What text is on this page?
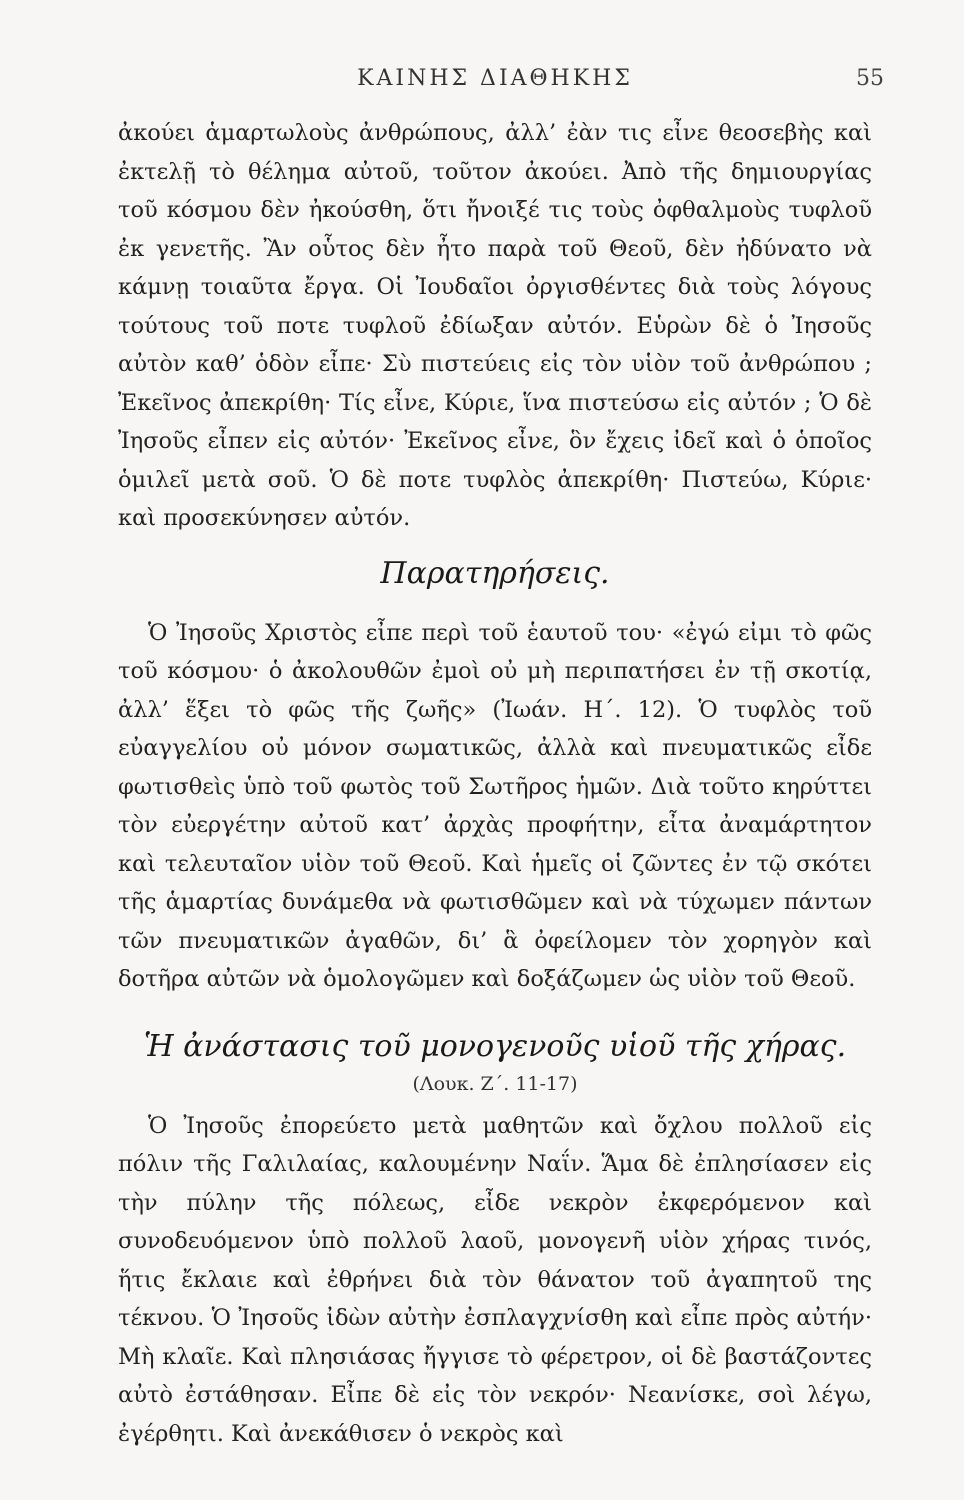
ΚΑΙΝΗΣ ΔΙΑΘΗΚΗΣ	55

ἀκούει ἁμαρτωλοὺς ἀνθρώπους, ἀλλ’ ἐὰν τις εἶνε θεοσεβὴς καὶ ἐκτελῇ τὸ θέλημα αὐτοῦ, τοῦτον ἀκούει. Ἀπὸ τῆς δημιουργίας τοῦ κόσμου δὲν ἠκούσθη, ὅτι ἤνοιξέ τις τοὺς ὀφθαλμοὺς τυφλοῦ ἐκ γενετῆς. Ἂν οὗτος δὲν ἦτο παρὰ τοῦ Θεοῦ, δὲν ἠδύνατο νὰ κάμνῃ τοιαῦτα ἔργα. Οἱ Ἰουδαῖοι ὀργισθέντες διὰ τοὺς λόγους τούτους τοῦ ποτε τυφλοῦ ἐδίωξαν αὐτόν. Εὑρὼν δὲ ὁ Ἰησοῦς αὐτὸν καθ’ ὁδὸν εἶπε· Σὺ πιστεύεις εἰς τὸν υἱὸν τοῦ ἀνθρώπου ; Ἐκεῖνος ἀπεκρίθη· Τίς εἶνε, Κύριε, ἵνα πιστεύσω εἰς αὐτόν ; Ὁ δὲ Ἰησοῦς εἶπεν εἰς αὐτόν· Ἐκεῖνος εἶνε, ὃν ἔχεις ἰδεῖ καὶ ὁ ὁποῖος ὁμιλεῖ μετὰ σοῦ. Ὁ δὲ ποτε τυφλὸς ἀπεκρίθη· Πιστεύω, Κύριε· καὶ προσεκύνησεν αὐτόν.

Παρατηρήσεις.

Ὁ Ἰησοῦς Χριστὸς εἶπε περὶ τοῦ ἑαυτοῦ του· «ἐγώ εἰμι τὸ φῶς τοῦ κόσμου· ὁ ἀκολουθῶν ἐμοὶ οὐ μὴ περιπατήσει ἐν τῇ σκοτίᾳ, ἀλλ’ ἕξει τὸ φῶς τῆς ζωῆς» (Ἰωάν. Η΄. 12). Ὁ τυφλὸς τοῦ εὐαγγελίου οὐ μόνον σωματικῶς, ἀλλὰ καὶ πνευματικῶς εἶδε φωτισθεὶς ὑπὸ τοῦ φωτὸς τοῦ Σωτῆρος ἡμῶν. Διὰ τοῦτο κηρύττει τὸν εὐεργέτην αὐτοῦ κατ’ ἀρχὰς προφήτην, εἶτα ἀναμάρτητον καὶ τελευταῖον υἱὸν τοῦ Θεοῦ. Καὶ ἡμεῖς οἱ ζῶντες ἐν τῷ σκότει τῆς ἁμαρτίας δυνάμεθα νὰ φωτισθῶμεν καὶ νὰ τύχωμεν πάντων τῶν πνευματικῶν ἀγαθῶν, δι’ ἃ ὀφείλομεν τὸν χορηγὸν καὶ δοτῆρα αὐτῶν νὰ ὁμολογῶμεν καὶ δοξάζωμεν ὡς υἱὸν τοῦ Θεοῦ.

Ἡ ἀνάστασις τοῦ μονογενοῦς υἱοῦ τῆς χήρας.
(Λουκ. Ζ΄. 11-17)

Ὁ Ἰησοῦς ἐπορεύετο μετὰ μαθητῶν καὶ ὄχλου πολλοῦ εἰς πόλιν τῆς Γαλιλαίας, καλουμένην Ναΐν. Ἅμα δὲ ἐπλησίασεν εἰς τὴν πύλην τῆς πόλεως, εἶδε νεκρὸν ἐκφερόμενον καὶ συνοδευόμενον ὑπὸ πολλοῦ λαοῦ, μονογενῆ υἱὸν χήρας τινός, ἥτις ἔκλαιε καὶ ἐθρήνει διὰ τὸν θάνατον τοῦ ἀγαπητοῦ της τέκνου. Ὁ Ἰησοῦς ἰδὼν αὐτὴν ἐσπλαγχνίσθη καὶ εἶπε πρὸς αὐτήν· Μὴ κλαῖε. Καὶ πλησιάσας ἤγγισε τὸ φέρετρον, οἱ δὲ βαστάζοντες αὐτὸ ἐστάθησαν. Εἶπε δὲ εἰς τὸν νεκρόν· Νεανίσκε, σοὶ λέγω, ἐγέρθητι. Καὶ ἀνεκάθισεν ὁ νεκρὸς καὶ
